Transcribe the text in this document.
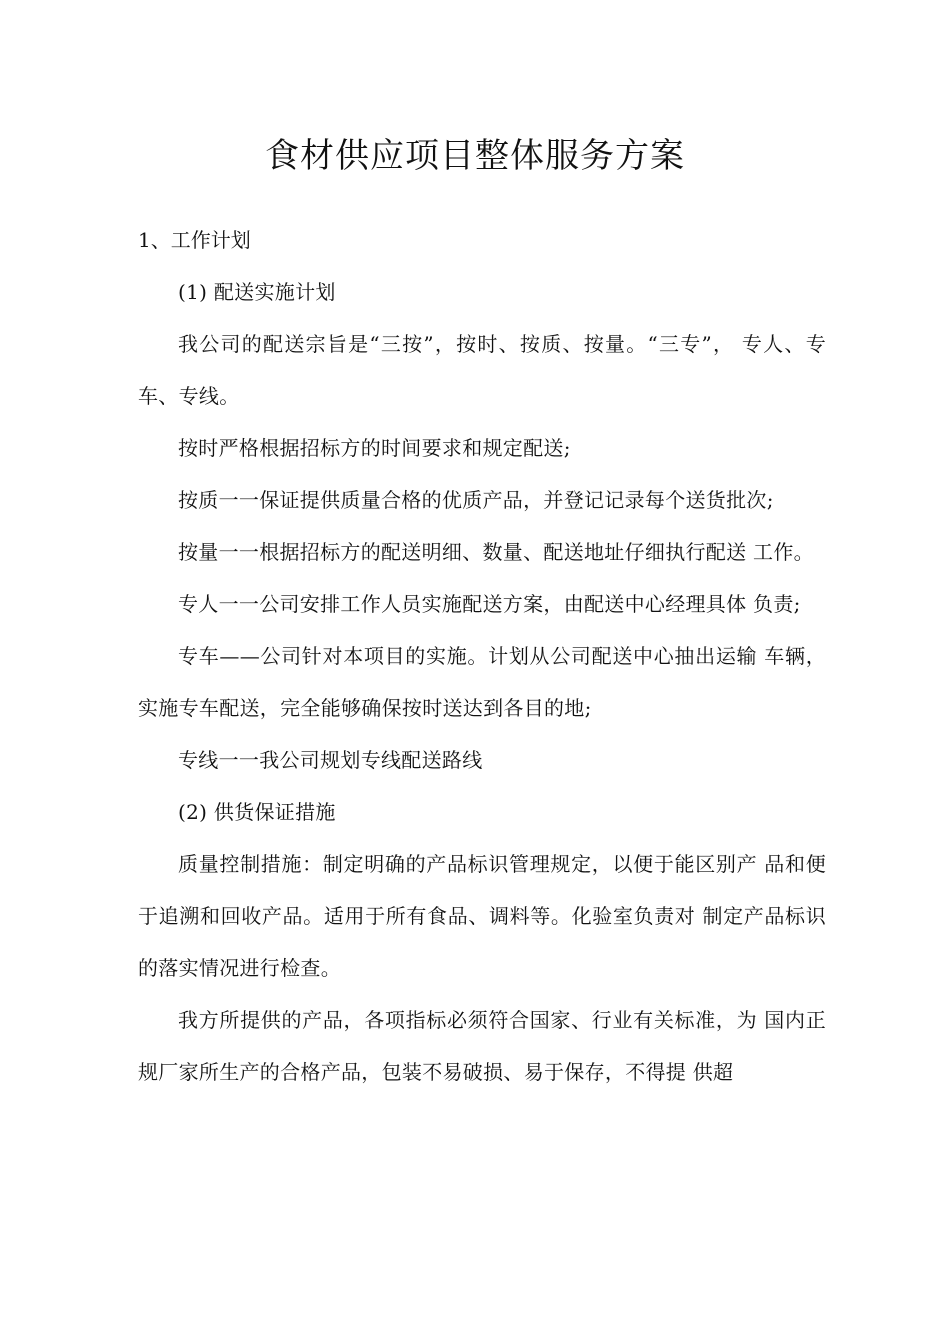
食材供应项目整体服务方案

1、工作计划

(1) 配送实施计划

我公司的配送宗旨是“三按”，按时、按质、按量。“三专”， 专人、专车、专线。

按时严格根据招标方的时间要求和规定配送;

按质一一保证提供质量合格的优质产品，并登记记录每个送货批次;

按量一一根据招标方的配送明细、数量、配送地址仔细执行配送 工作。

专人一一公司安排工作人员实施配送方案，由配送中心经理具体 负责;

专车——公司针对本项目的实施。计划从公司配送中心抽出运输 车辆，实施专车配送，完全能够确保按时送达到各目的地;

专线一一我公司规划专线配送路线

(2) 供货保证措施

质量控制措施：制定明确的产品标识管理规定，以便于能区别产 品和便于追溯和回收产品。适用于所有食品、调料等。化验室负责对 制定产品标识的落实情况进行检查。

我方所提供的产品，各项指标必须符合国家、行业有关标准，为 国内正规厂家所生产的合格产品，包装不易破损、易于保存，不得提 供超
